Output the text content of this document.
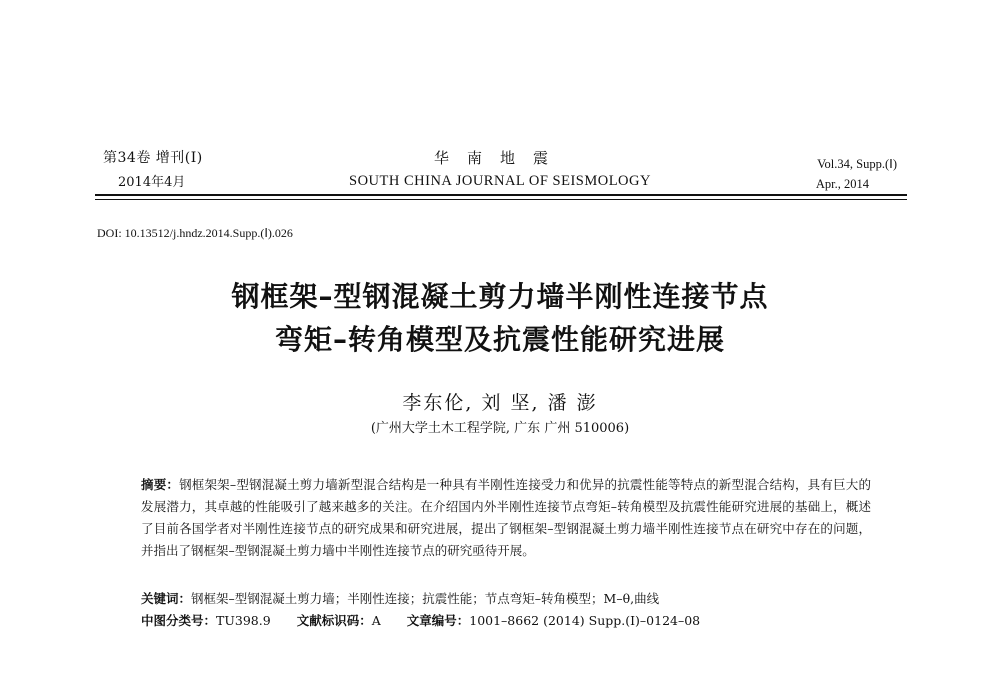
第34卷 增刊(Ⅰ)
2014年4月
华南地震
SOUTH CHINA JOURNAL OF SEISMOLOGY
Vol.34, Supp.(Ⅰ)
Apr., 2014
DOI: 10.13512/j.hndz.2014.Supp.(Ⅰ).026
钢框架–型钢混凝土剪力墙半刚性连接节点
弯矩–转角模型及抗震性能研究进展
李东伦, 刘 坚, 潘 澎
(广州大学土木工程学院, 广东 广州 510006)
摘要：钢框架架–型钢混凝土剪力墙新型混合结构是一种具有半刚性连接受力和优异的抗震性能等特点的新型混合结构，具有巨大的发展潜力，其卓越的性能吸引了越来越多的关注。在介绍国内外半刚性连接节点弯矩–转角模型及抗震性能研究进展的基础上，概述了目前各国学者对半刚性连接节点的研究成果和研究进展，提出了钢框架–型钢混凝土剪力墙半刚性连接节点在研究中存在的问题，并指出了钢框架–型钢混凝土剪力墙中半刚性连接节点的研究亟待开展。
关键词：钢框架–型钢混凝土剪力墙；半刚性连接；抗震性能；节点弯矩–转角模型；M–θ,曲线
中图分类号：TU398.9 文献标识码：A 文章编号：1001–8662 (2014) Supp.(Ⅰ)–0124–08
